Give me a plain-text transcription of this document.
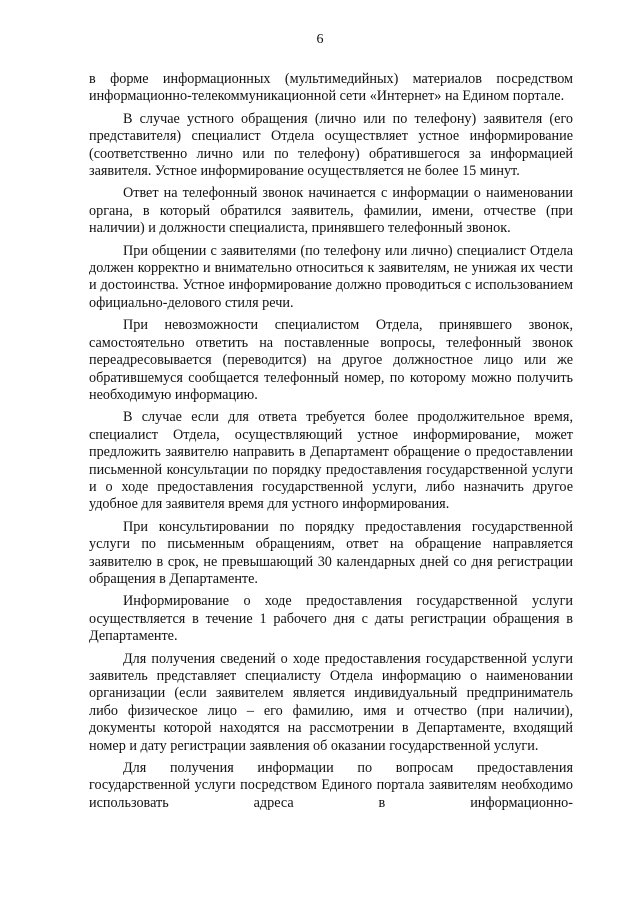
6

в форме информационных (мультимедийных) материалов посредством информационно-телекоммуникационной сети «Интернет» на Едином портале.

В случае устного обращения (лично или по телефону) заявителя (его представителя) специалист Отдела осуществляет устное информирование (соответственно лично или по телефону) обратившегося за информацией заявителя. Устное информирование осуществляется не более 15 минут.

Ответ на телефонный звонок начинается с информации о наименовании органа, в который обратился заявитель, фамилии, имени, отчестве (при наличии) и должности специалиста, принявшего телефонный звонок.

При общении с заявителями (по телефону или лично) специалист Отдела должен корректно и внимательно относиться к заявителям, не унижая их чести и достоинства. Устное информирование должно проводиться с использованием официально-делового стиля речи.

При невозможности специалистом Отдела, принявшего звонок, самостоятельно ответить на поставленные вопросы, телефонный звонок переадресовывается (переводится) на другое должностное лицо или же обратившемуся сообщается телефонный номер, по которому можно получить необходимую информацию.

В случае если для ответа требуется более продолжительное время, специалист Отдела, осуществляющий устное информирование, может предложить заявителю направить в Департамент обращение о предоставлении письменной консультации по порядку предоставления государственной услуги и о ходе предоставления государственной услуги, либо назначить другое удобное для заявителя время для устного информирования.

При консультировании по порядку предоставления государственной услуги по письменным обращениям, ответ на обращение направляется заявителю в срок, не превышающий 30 календарных дней со дня регистрации обращения в Департаменте.

Информирование о ходе предоставления государственной услуги осуществляется в течение 1 рабочего дня с даты регистрации обращения в Департаменте.

Для получения сведений о ходе предоставления государственной услуги заявитель представляет специалисту Отдела информацию о наименовании организации (если заявителем является индивидуальный предприниматель либо физическое лицо – его фамилию, имя и отчество (при наличии), документы которой находятся на рассмотрении в Департаменте, входящий номер и дату регистрации заявления об оказании государственной услуги.

Для получения информации по вопросам предоставления государственной услуги посредством Единого портала заявителям необходимо использовать адреса в информационно-
